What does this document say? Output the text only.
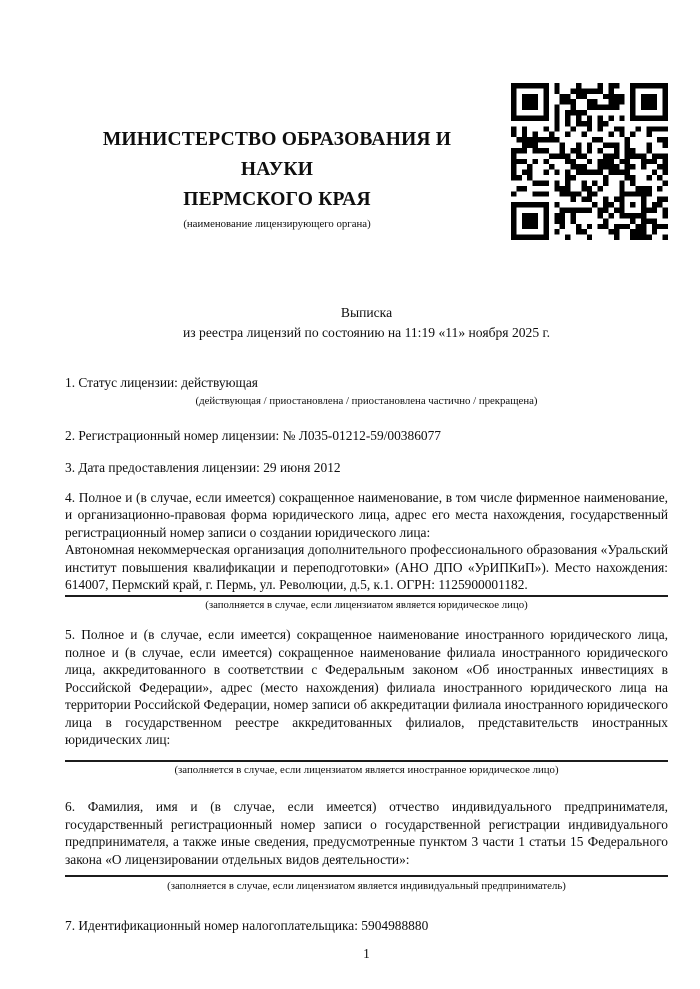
МИНИСТЕРСТВО ОБРАЗОВАНИЯ И НАУКИ

ПЕРМСКОГО КРАЯ

(наименование лицензирующего органа)

Выписка

из реестра лицензий по состоянию на 11:19 «11» ноября 2025 г.

1. Статус лицензии: действующая

(действующая / приостановлена / приостановлена частично / прекращена)

2. Регистрационный номер лицензии: № Л035-01212-59/00386077

3. Дата предоставления лицензии: 29 июня 2012

4. Полное и (в случае, если имеется) сокращенное наименование, в том числе фирменное наименование, и организационно-правовая форма юридического лица, адрес его места нахождения, государственный регистрационный номер записи о создании юридического лица:

Автономная некоммерческая организация дополнительного профессионального образования «Уральский институт повышения квалификации и переподготовки» (АНО ДПО «УрИПКиП»). Место нахождения: 614007, Пермский край, г. Пермь, ул. Революции, д.5, к.1. ОГРН: 1125900001182.

(заполняется в случае, если лицензиатом является юридическое лицо)

5. Полное и (в случае, если имеется) сокращенное наименование иностранного юридического лица, полное и (в случае, если имеется) сокращенное наименование филиала иностранного юридического лица, аккредитованного в соответствии с Федеральным законом «Об иностранных инвестициях в Российской Федерации», адрес (место нахождения) филиала иностранного юридического лица на территории Российской Федерации, номер записи об аккредитации филиала иностранного юридического лица в государственном реестре аккредитованных филиалов, представительств иностранных юридических лиц:

(заполняется в случае, если лицензиатом является иностранное юридическое лицо)

6. Фамилия, имя и (в случае, если имеется) отчество индивидуального предпринимателя, государственный регистрационный номер записи о государственной регистрации индивидуального предпринимателя, а также иные сведения, предусмотренные пунктом 3 части 1 статьи 15 Федерального закона «О лицензировании отдельных видов деятельности»:

(заполняется в случае, если лицензиатом является индивидуальный предприниматель)

7. Идентификационный номер налогоплательщика: 5904988880

1
